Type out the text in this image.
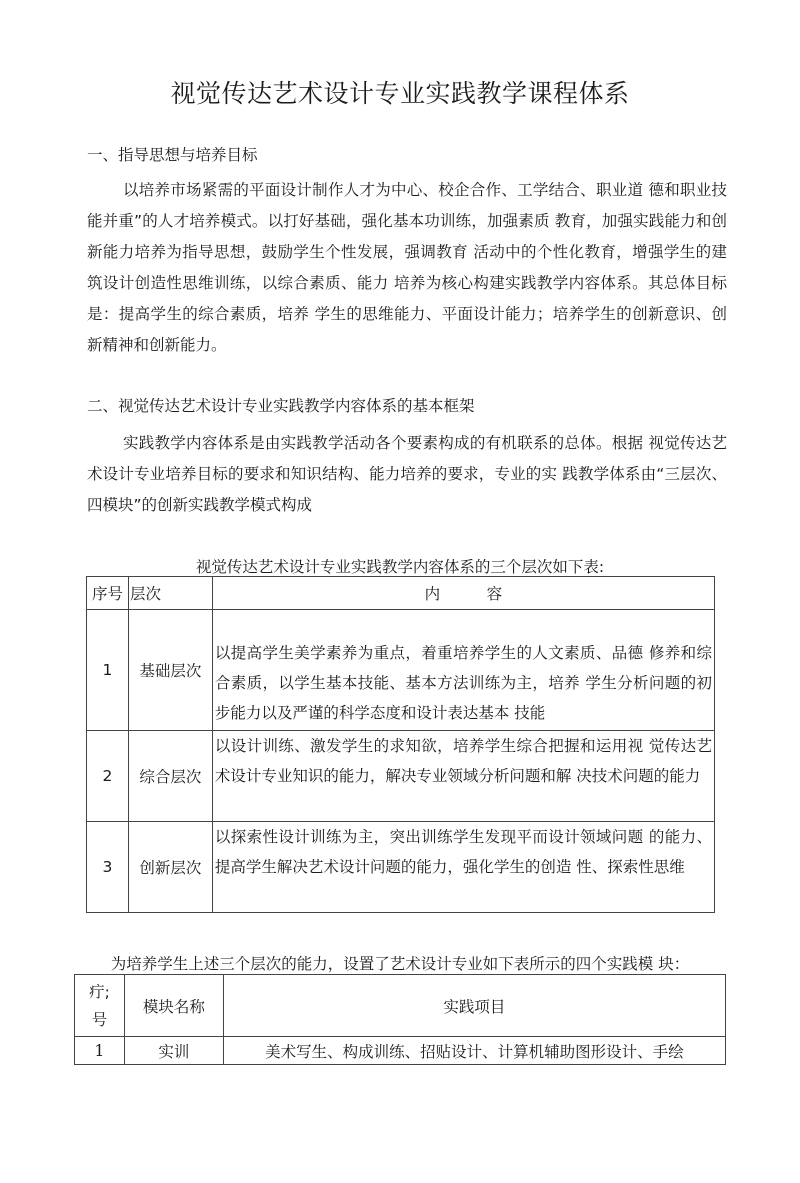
视觉传达艺术设计专业实践教学课程体系

一、指导思想与培养目标

以培养市场紧需的平面设计制作人才为中心、校企合作、工学结合、职业道 德和职业技能并重”的人才培养模式。以打好基础，强化基本功训练，加强素质 教育，加强实践能力和创新能力培养为指导思想，鼓励学生个性发展，强调教育 活动中的个性化教育，增强学生的建筑设计创造性思维训练，以综合素质、能力 培养为核心构建实践教学内容体系。其总体目标是：提高学生的综合素质，培养 学生的思维能力、平面设计能力；培养学生的创新意识、创新精神和创新能力。

二、视觉传达艺术设计专业实践教学内容体系的基本框架

实践教学内容体系是由实践教学活动各个要素构成的有机联系的总体。根据 视觉传达艺术设计专业培养目标的要求和知识结构、能力培养的要求，专业的实 践教学体系由“三层次、四模块”的创新实践教学模式构成

视觉传达艺术设计专业实践教学内容体系的三个层次如下表:

序号	层次	内　　　容
1	基础层次	以提高学生美学素养为重点，着重培养学生的人文素质、品德 修养和综合素质，以学生基本技能、基本方法训练为主，培养 学生分析问题的初步能力以及严谨的科学态度和设计表达基本 技能
2	综合层次	以设计训练、激发学生的求知欲，培养学生综合把握和运用视 觉传达艺术设计专业知识的能力，解决专业领域分析问题和解 决技术问题的能力
3	创新层次	以探索性设计训练为主，突出训练学生发现平而设计领域问题 的能力、提高学生解决艺术设计问题的能力，强化学生的创造 性、探索性思维

为培养学生上述三个层次的能力，设置了艺术设计专业如下表所示的四个实践模 块：

疔;
号	模块名称	实践项目
1	实训	美术写生、构成训练、招贴设计、计算机辅助图形设计、手绘
